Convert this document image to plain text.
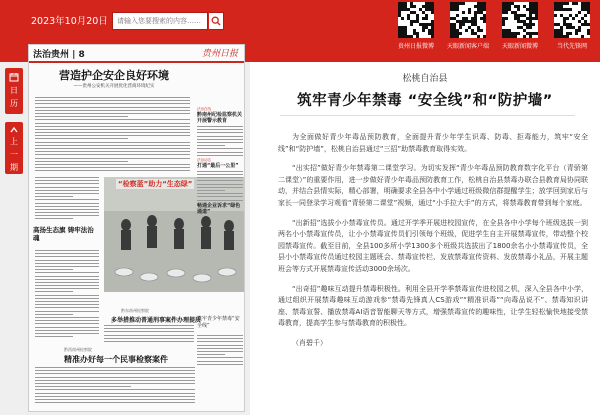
2023年10月20日
请输入您要搜索的内容……
贵州日报微博	天眼新闻客户端	天眼新闻微博	当代先锋网
日历
上一期
法治贵州 | 8	贵州日报
营造护企安企良好环境
——贵州公安机关开展优化营商环境纪实
高扬生态旗 铸牢法治魂
“检察蓝”助力“生态绿”
法治在线
黔南州纪检监察机关开展警示教育
法治动态
打通“最后一公里”
畅通企业诉求“绿色通道”
黔东南州检察院
多举措推动普通刑事案件办理提质
筑牢青少年禁毒“安全线”
黔西南州检察院
精准办好每一个民事检察案件
松桃自治县
筑牢青少年禁毒 “安全线”和“防护墙”

为全面做好青少年毒品预防教育，全面提升青少年学生识毒、防毒、拒毒能力，筑牢“安全线”和“防护墙”，松桃自治县通过“三招”助禁毒教育取得实效。

“出实招”做好青少年禁毒第二课堂学习。为切实发挥“青少年毒品预防教育数字化平台（青骄第二课堂）”的重要作用，进一步做好青少年毒品预防教育工作，松桃自治县禁毒办联合县教育局协同联动，并结合县情实际，精心部署，明确要求全县各中小学通过班级微信群提醒学生；放学回到家后与家长一同登录学习观看“青骄第二课堂”视频，通过“小手拉大手”的方式，将禁毒教育带到每个家庭。

“出新招”选拔小小禁毒宣传员。通过开学季开展进校园宣传，在全县各中小学每个班级选拔一到两名小小禁毒宣传员，让小小禁毒宣传员们引领每个班级，促进学生自主开展禁毒宣传，带动整个校园禁毒宣传。截至目前，全县100多所小学1300多个班级共选拔出了1800余名小小禁毒宣传员，全县小小禁毒宣传员通过校园主题班会、禁毒宣传栏、发放禁毒宣传资料、发放禁毒小礼品，开展主题班会等方式开展禁毒宣传活动3000余场次。

“出奇招”趣味互动提升禁毒积极性。利用全县开学季禁毒宣传进校园之机，深入全县各中小学，通过组织开展禁毒趣味互动游戏参“禁毒先锋真人CS游戏”“精准识毒”“向毒品说不”、禁毒知识讲座、禁毒宣誓、播放禁毒AI语音智能聊天等方式，增强禁毒宣传的趣味性，让学生轻松愉快地接受禁毒教育，提高学生参与禁毒教育的积极性。

（肖碧千）
